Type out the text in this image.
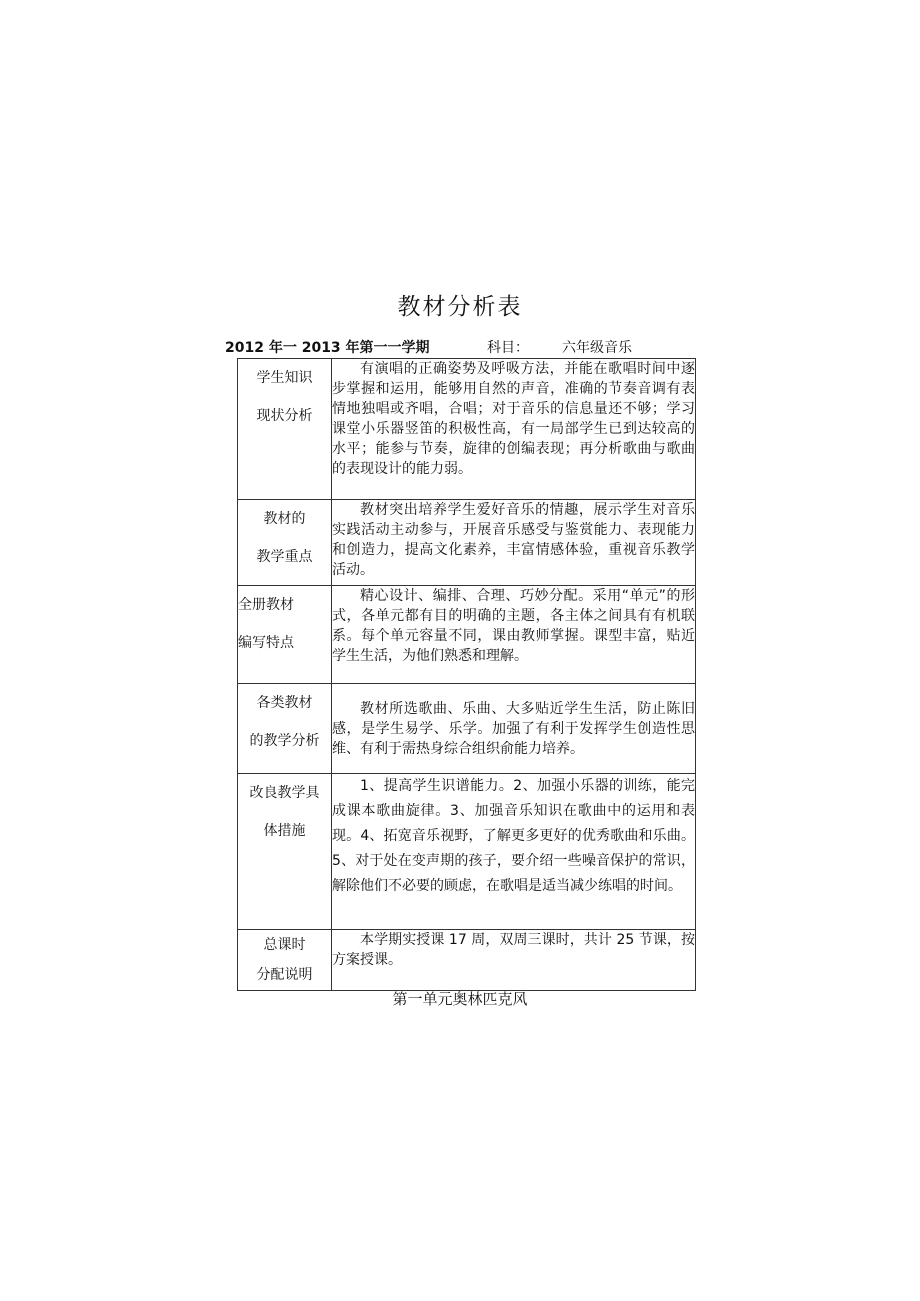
教材分析表
2012 年一 2013 年第一一学期	科目： 六年级音乐
学生知识
现状分析	有演唱的正确姿势及呼吸方法，并能在歌唱时间中逐步掌握和运用，能够用自然的声音，准确的节奏音调有表情地独唱或齐唱，合唱；对于音乐的信息量还不够；学习课堂小乐器竖笛的积极性高，有一局部学生已到达较高的水平；能参与节奏，旋律的创编表现；再分析歌曲与歌曲的表现设计的能力弱。

教材的
教学重点	教材突出培养学生爱好音乐的情趣，展示学生对音乐实践活动主动参与，开展音乐感受与鉴赏能力、表现能力和创造力，提高文化素养，丰富情感体验，重视音乐教学活动。

全册教材
编写特点	精心设计、编排、合理、巧妙分配。采用“单元”的形式，各单元都有目的明确的主题，各主体之间具有有机联系。每个单元容量不同，课由教师掌握。课型丰富，贴近学生生活，为他们熟悉和理解。

各类教材
的教学分析	教材所选歌曲、乐曲、大多贴近学生生活，防止陈旧感，是学生易学、乐学。加强了有利于发挥学生创造性思维、有利于需热身综合组织俞能力培养。

改良教学具
体措施	1、提高学生识谱能力。2、加强小乐器的训练，能完成课本歌曲旋律。3、加强音乐知识在歌曲中的运用和表现。4、拓宽音乐视野，了解更多更好的优秀歌曲和乐曲。5、对于处在变声期的孩子，要介绍一些噪音保护的常识，解除他们不必要的顾虑，在歌唱是适当减少练唱的时间。

总课时
分配说明	本学期实授课 17 周，双周三课时，共计 25 节课，按方案授课。

第一单元奥林匹克风
